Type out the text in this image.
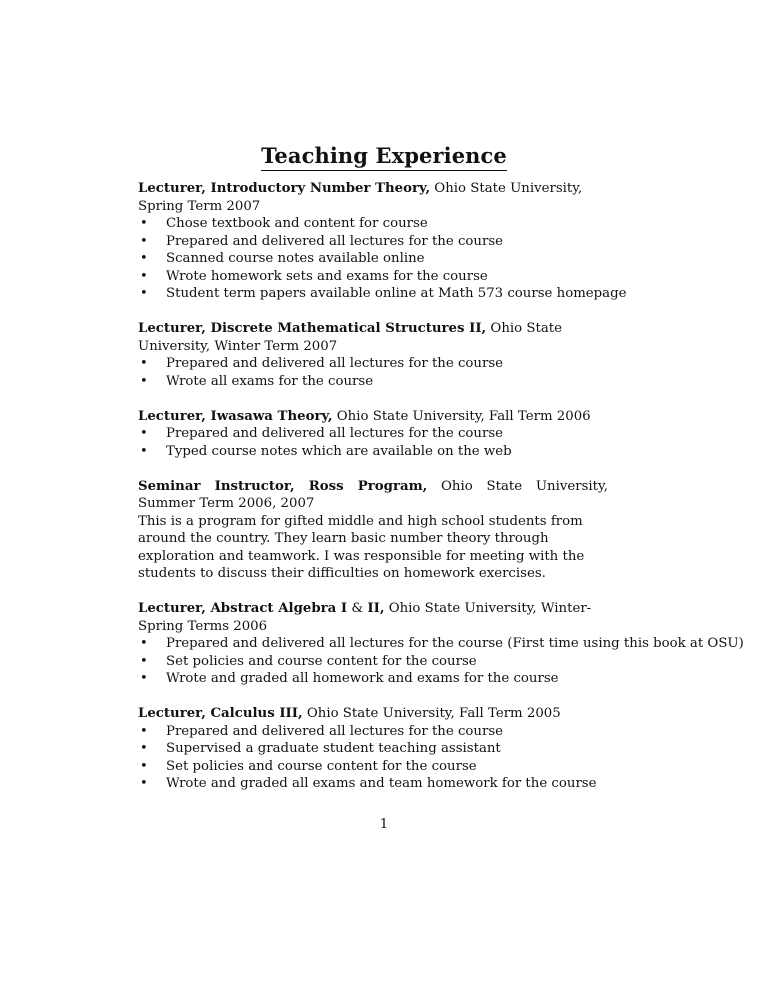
Teaching Experience

Lecturer, Introductory Number Theory, Ohio State University, Spring Term 2007

• Chose textbook and content for course
• Prepared and delivered all lectures for the course
• Scanned course notes available online
• Wrote homework sets and exams for the course
• Student term papers available online at Math 573 course homepage

Lecturer, Discrete Mathematical Structures II, Ohio State University, Winter Term 2007

• Prepared and delivered all lectures for the course
• Wrote all exams for the course

Lecturer, Iwasawa Theory, Ohio State University, Fall Term 2006

• Prepared and delivered all lectures for the course
• Typed course notes which are available on the web

Seminar Instructor, Ross Program, Ohio State University, Summer Term 2006, 2007

This is a program for gifted middle and high school students from around the country. They learn basic number theory through exploration and teamwork. I was responsible for meeting with the students to discuss their difficulties on homework exercises.

Lecturer, Abstract Algebra I & II, Ohio State University, Winter-Spring Terms 2006

• Prepared and delivered all lectures for the course (First time using this book at OSU)
• Set policies and course content for the course
• Wrote and graded all homework and exams for the course

Lecturer, Calculus III, Ohio State University, Fall Term 2005

• Prepared and delivered all lectures for the course
• Supervised a graduate student teaching assistant
• Set policies and course content for the course
• Wrote and graded all exams and team homework for the course
1
